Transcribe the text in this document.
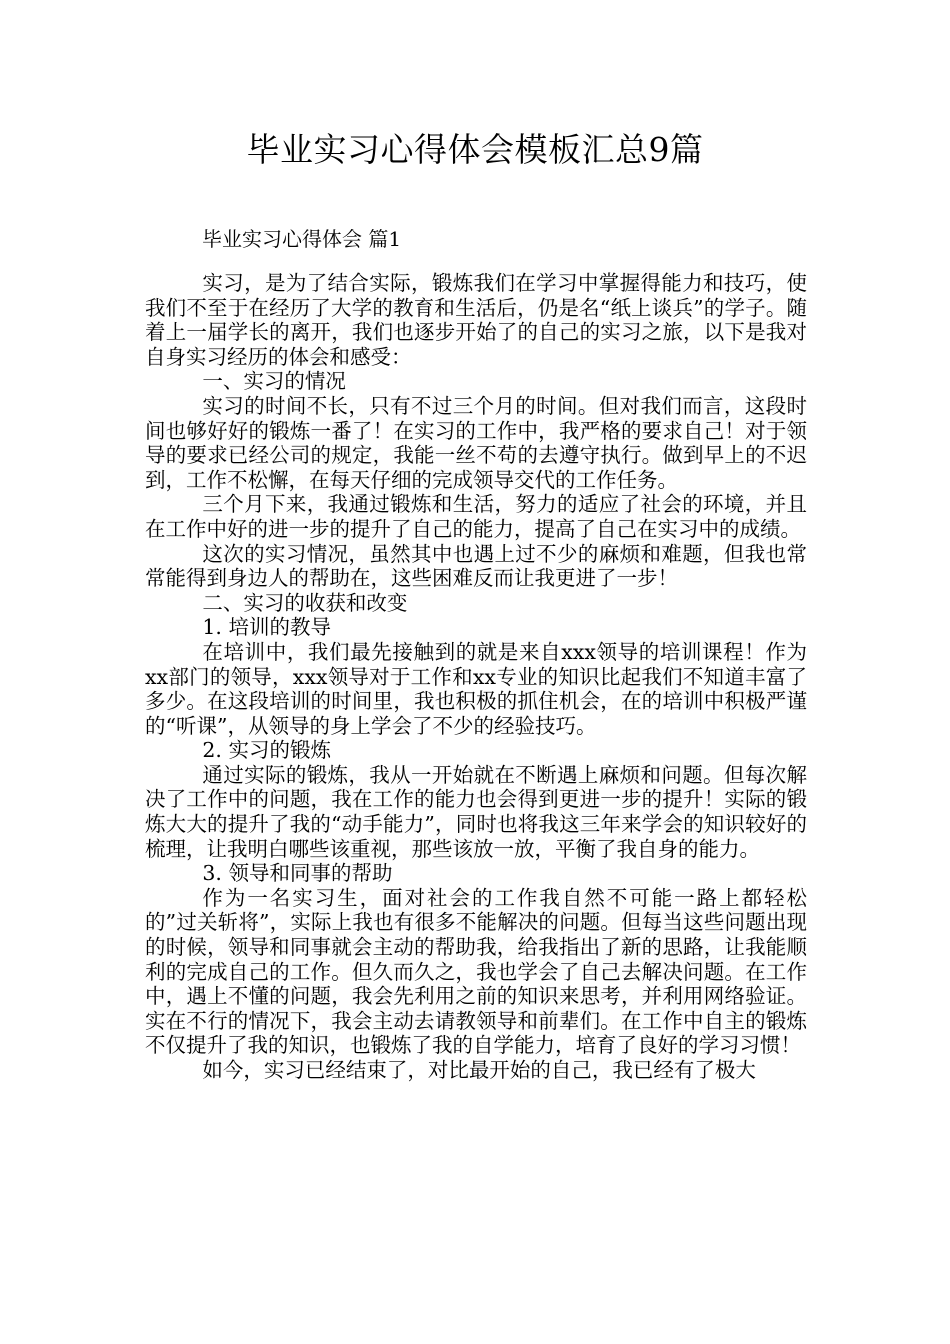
毕业实习心得体会模板汇总9篇
毕业实习心得体会 篇1

实习，是为了结合实际，锻炼我们在学习中掌握得能力和技巧，使我们不至于在经历了大学的教育和生活后，仍是名“纸上谈兵”的学子。随着上一届学长的离开，我们也逐步开始了的自己的实习之旅，以下是我对自身实习经历的体会和感受：

一、实习的情况

实习的时间不长，只有不过三个月的时间。但对我们而言，这段时间也够好好的锻炼一番了！在实习的工作中，我严格的要求自己！对于领导的要求已经公司的规定，我能一丝不苟的去遵守执行。做到早上的不迟到，工作不松懈，在每天仔细的完成领导交代的工作任务。

三个月下来，我通过锻炼和生活，努力的适应了社会的环境，并且在工作中好的进一步的提升了自己的能力，提高了自己在实习中的成绩。

这次的实习情况，虽然其中也遇上过不少的麻烦和难题，但我也常常能得到身边人的帮助在，这些困难反而让我更进了一步！

二、实习的收获和改变

1. 培训的教导

在培训中，我们最先接触到的就是来自xxx领导的培训课程！作为xx部门的领导，xxx领导对于工作和xx专业的知识比起我们不知道丰富了多少。在这段培训的时间里，我也积极的抓住机会，在的培训中积极严谨的“听课”，从领导的身上学会了不少的经验技巧。

2. 实习的锻炼

通过实际的锻炼，我从一开始就在不断遇上麻烦和问题。但每次解决了工作中的问题，我在工作的能力也会得到更进一步的提升！实际的锻炼大大的提升了我的“动手能力”，同时也将我这三年来学会的知识较好的梳理，让我明白哪些该重视，那些该放一放，平衡了我自身的能力。

3. 领导和同事的帮助

作为一名实习生，面对社会的工作我自然不可能一路上都轻松的”过关斩将”，实际上我也有很多不能解决的问题。但每当这些问题出现的时候，领导和同事就会主动的帮助我，给我指出了新的思路，让我能顺利的完成自己的工作。但久而久之，我也学会了自己去解决问题。在工作中，遇上不懂的问题，我会先利用之前的知识来思考，并利用网络验证。实在不行的情况下，我会主动去请教领导和前辈们。在工作中自主的锻炼不仅提升了我的知识，也锻炼了我的自学能力，培育了良好的学习习惯！

如今，实习已经结束了，对比最开始的自己，我已经有了极大
